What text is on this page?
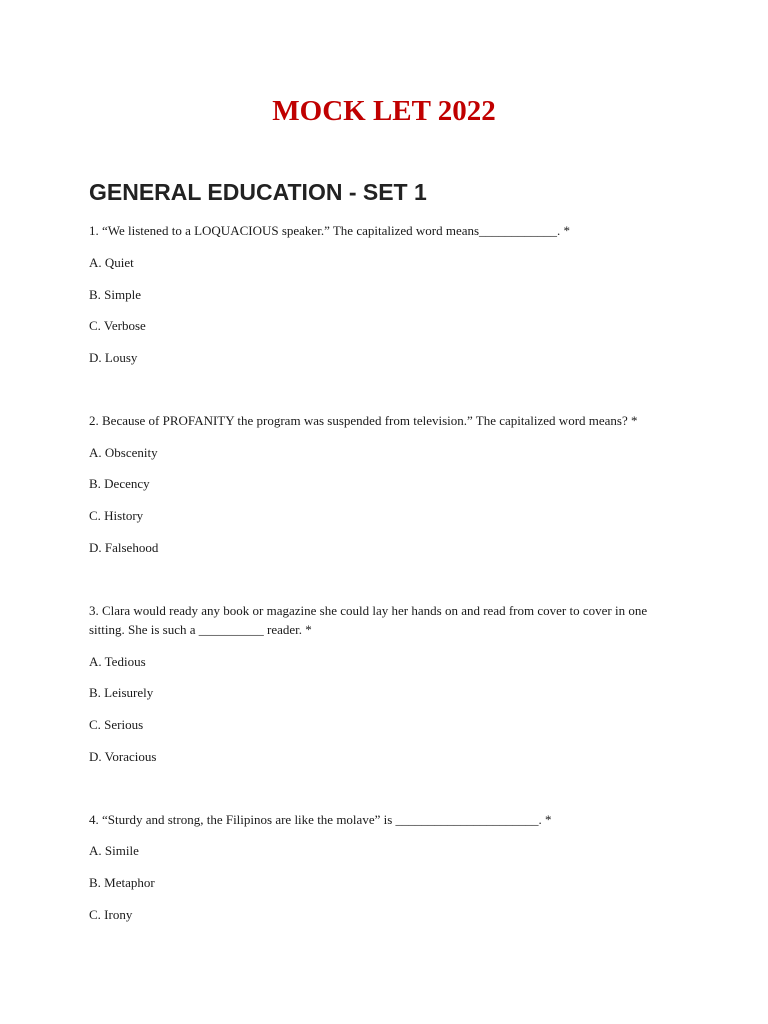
MOCK LET 2022
GENERAL EDUCATION - SET 1

1. “We listened to a LOQUACIOUS speaker.” The capitalized word means____________. *

A. Quiet

B. Simple

C. Verbose

D. Lousy

2. Because of PROFANITY the program was suspended from television.” The capitalized word means? *

A. Obscenity

B. Decency

C. History

D. Falsehood

3. Clara would ready any book or magazine she could lay her hands on and read from cover to cover in one sitting. She is such a __________ reader. *

A. Tedious

B. Leisurely

C. Serious

D. Voracious

4. “Sturdy and strong, the Filipinos are like the molave” is ______________________. *

A. Simile

B. Metaphor

C. Irony
